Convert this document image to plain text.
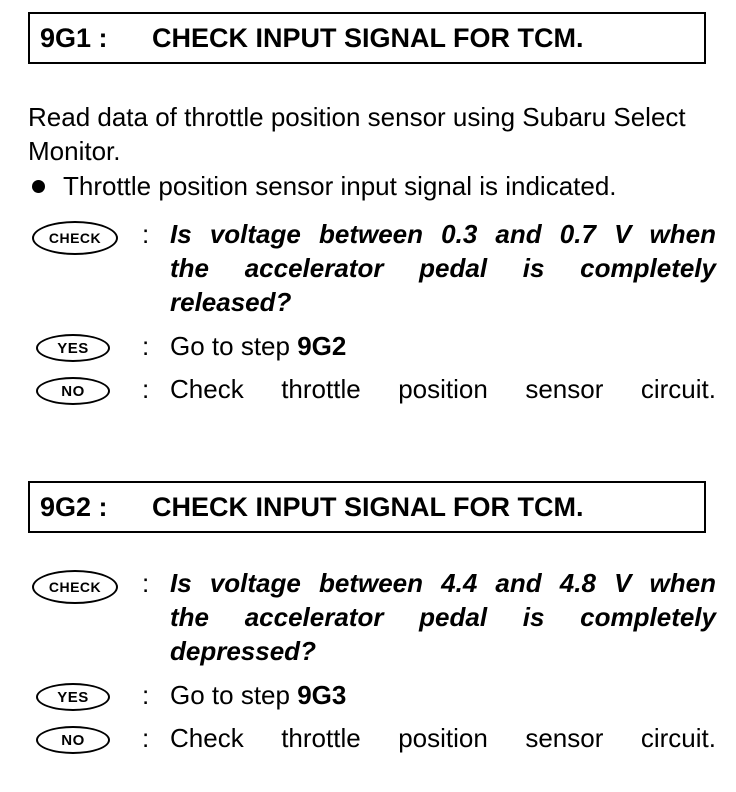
9G1 :	CHECK INPUT SIGNAL FOR TCM.
Read data of throttle position sensor using Subaru Select Monitor.
Throttle position sensor input signal is indicated.
CHECK	: Is voltage between 0.3 and 0.7 V when the accelerator pedal is completely released?
YES	: Go to step 9G2
NO	: Check throttle position sensor circuit.
9G2 :	CHECK INPUT SIGNAL FOR TCM.
CHECK	: Is voltage between 4.4 and 4.8 V when the accelerator pedal is completely depressed?
YES	: Go to step 9G3
NO	: Check throttle position sensor circuit.
